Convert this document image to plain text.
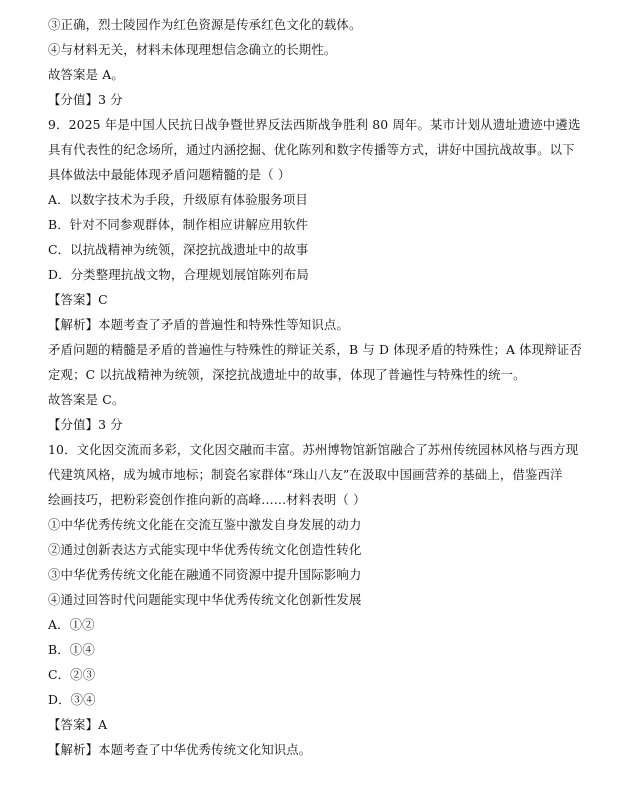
③正确，烈士陵园作为红色资源是传承红色文化的载体。
④与材料无关，材料未体现理想信念确立的长期性。
故答案是 A。
【分值】3 分
9．2025 年是中国人民抗日战争暨世界反法西斯战争胜利 80 周年。某市计划从遗址遗迹中遴选
具有代表性的纪念场所，通过内涵挖掘、优化陈列和数字传播等方式，讲好中国抗战故事。以下
具体做法中最能体现矛盾问题精髓的是（ ）
A．以数字技术为手段，升级原有体验服务项目
B．针对不同参观群体，制作相应讲解应用软件
C．以抗战精神为统领，深挖抗战遗址中的故事
D．分类整理抗战文物，合理规划展馆陈列布局
【答案】C
【解析】本题考查了矛盾的普遍性和特殊性等知识点。
矛盾问题的精髓是矛盾的普遍性与特殊性的辩证关系，B 与 D 体现矛盾的特殊性；A 体现辩证否
定观；C 以抗战精神为统领，深挖抗战遗址中的故事，体现了普遍性与特殊性的统一。
故答案是 C。
【分值】3 分
10．文化因交流而多彩，文化因交融而丰富。苏州博物馆新馆融合了苏州传统园林风格与西方现
代建筑风格，成为城市地标；制瓷名家群体“珠山八友”在汲取中国画营养的基础上，借鉴西洋
绘画技巧，把粉彩瓷创作推向新的高峰……材料表明（ ）
①中华优秀传统文化能在交流互鉴中激发自身发展的动力
②通过创新表达方式能实现中华优秀传统文化创造性转化
③中华优秀传统文化能在融通不同资源中提升国际影响力
④通过回答时代问题能实现中华优秀传统文化创新性发展
A．①②
B．①④
C．②③
D．③④
【答案】A
【解析】本题考查了中华优秀传统文化知识点。
